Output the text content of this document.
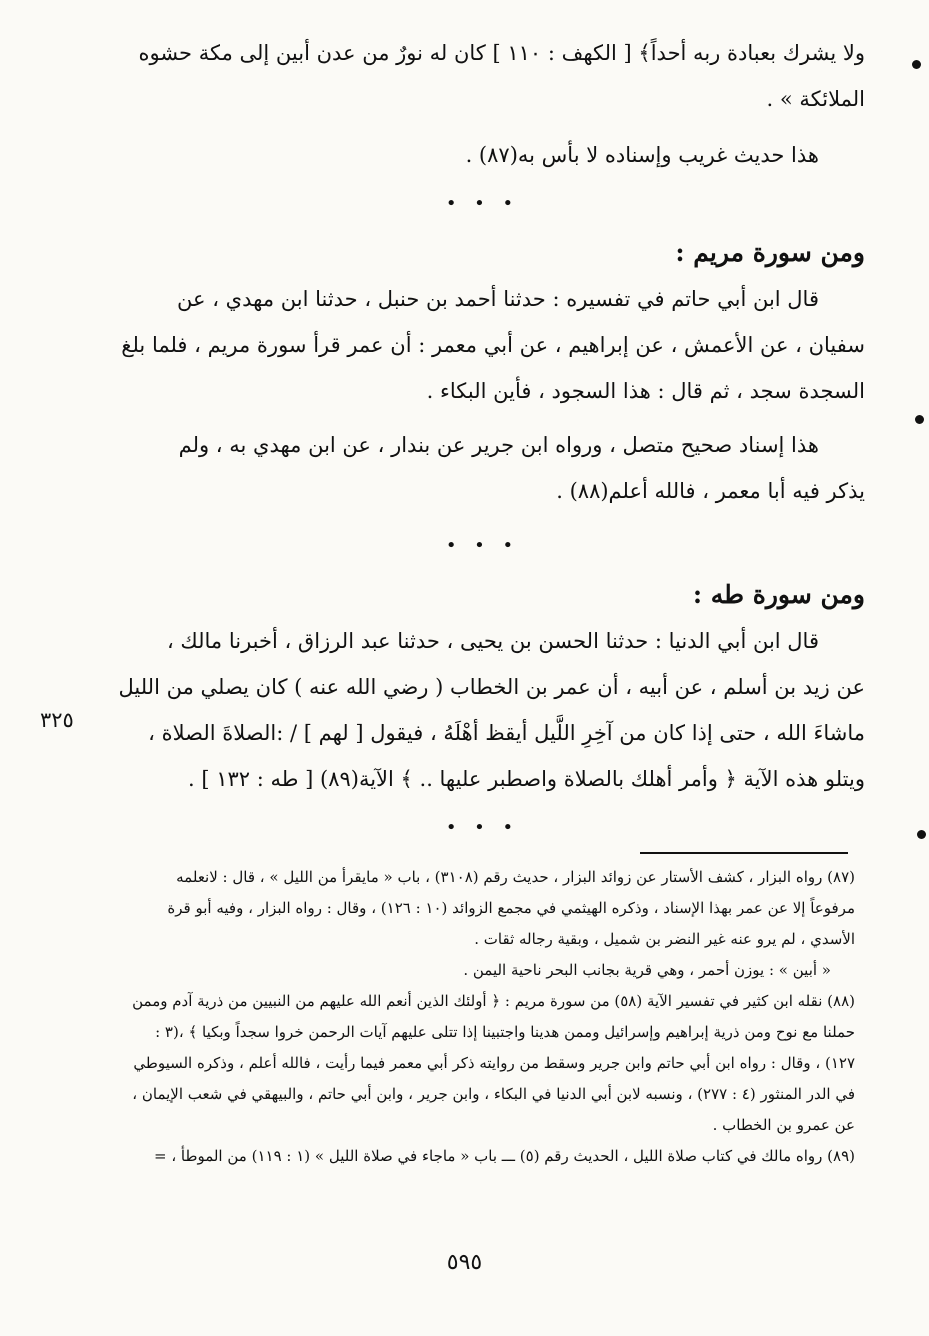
ولا يشرك بعبادة ربه أحداً﴾ [ الكهف : ١١٠ ] كان له نورٌ من عدن أبين إلى مكة حشوه
الملائكة » .
هذا حديث غريب وإسناده لا بأس به(٨٧) .
• • •
ومن سورة مريم :
قال ابن أبي حاتم في تفسيره : حدثنا أحمد بن حنبل ، حدثنا ابن مهدي ، عن
سفيان ، عن الأعمش ، عن إبراهيم ، عن أبي معمر : أن عمر قرأ سورة مريم ، فلما بلغ
السجدة سجد ، ثم قال : هذا السجود ، فأين البكاء .
هذا إسناد صحيح متصل ، ورواه ابن جرير عن بندار ، عن ابن مهدي به ، ولم
يذكر فيه أبا معمر ، فالله أعلم(٨٨) .
• • •
ومن سورة طه :
قال ابن أبي الدنيا : حدثنا الحسن بن يحيى ، حدثنا عبد الرزاق ، أخبرنا مالك ،
عن زيد بن أسلم ، عن أبيه ، أن عمر بن الخطاب ( رضي الله عنه ) كان يصلي من الليل
ماشاءَ الله ، حتى إذا كان من آخِرِ اللَّيل أيقظ أهْلَهُ ، فيقول [ لهم ] / :الصلاةَ الصلاة ،
ويتلو هذه الآية ﴿ وأمر أهلك بالصلاة واصطبر عليها .. ﴾ الآية(٨٩) [ طه : ١٣٢ ] .
• • •
٣٢٥

(٨٧) رواه البزار ، كشف الأستار عن زوائد البزار ، حديث رقم (٣١٠٨) ، باب « مايقرأ من الليل » ، قال : لانعلمه

مرفوعاً إلا عن عمر بهذا الإسناد ، وذكره الهيثمي في مجمع الزوائد (١٠ : ١٢٦) ، وقال : رواه البزار ، وفيه أبو قرة

الأسدي ، لم يرو عنه غير النضر بن شميل ، وبقية رجاله ثقات .

« أبين » : يوزن أحمر ، وهي قرية بجانب البحر ناحية اليمن .

(٨٨) نقله ابن كثير في تفسير الآية (٥٨) من سورة مريم : ﴿ أولئك الذين أنعم الله عليهم من النبيين من ذرية آدم وممن

حملنا مع نوح ومن ذرية إبراهيم وإسرائيل وممن هدينا واجتبينا إذا تتلى عليهم آيات الرحمن خروا سجداً وبكيا ﴾ ،(٣ :

١٢٧) ، وقال : رواه ابن أبي حاتم وابن جرير وسقط من روايته ذكر أبي معمر فيما رأيت ، فالله أعلم ، وذكره السيوطي

في الدر المنثور (٤ : ٢٧٧) ، ونسبه لابن أبي الدنيا في البكاء ، وابن جرير ، وابن أبي حاتم ، والبيهقي في شعب الإيمان ،

عن عمرو بن الخطاب .

(٨٩) رواه مالك في كتاب صلاة الليل ، الحديث رقم (٥) ـــ باب « ماجاء في صلاة الليل » (١ : ١١٩) من الموطأ ، =

٥٩٥
